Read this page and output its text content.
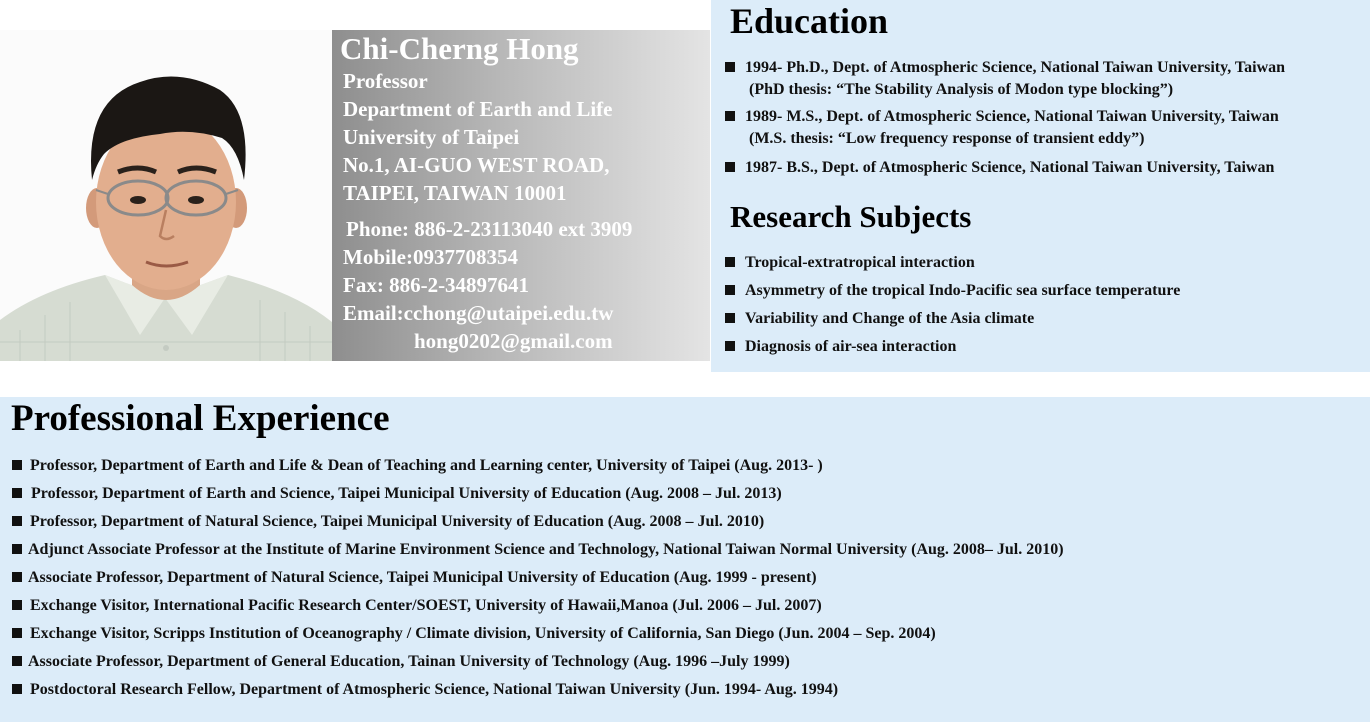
Chi-Cherng Hong
Professor
Department of Earth and Life
University of Taipei
No.1, AI-GUO WEST ROAD,
TAIPEI, TAIWAN 10001
Phone: 886-2-23113040 ext 3909
Mobile:0937708354
Fax: 886-2-34897641
Email:cchong@utaipei.edu.tw
hong0202@gmail.com
Education
1994- Ph.D., Dept. of Atmospheric Science, National Taiwan University, Taiwan
(PhD thesis: “The Stability Analysis of Modon type blocking”)
1989- M.S., Dept. of Atmospheric Science, National Taiwan University, Taiwan
(M.S. thesis: “Low frequency response of transient eddy”)
1987- B.S., Dept. of Atmospheric Science, National Taiwan University, Taiwan
Research Subjects
Tropical-extratropical interaction
Asymmetry of the tropical Indo-Pacific sea surface temperature
Variability and Change of the Asia climate
Diagnosis of air-sea interaction
Professional Experience
Professor, Department of Earth and Life & Dean of Teaching and Learning center, University of Taipei (Aug. 2013- )
Professor, Department of Earth and Science, Taipei Municipal University of Education (Aug. 2008 – Jul. 2013)
Professor, Department of Natural Science, Taipei Municipal University of Education (Aug. 2008 – Jul. 2010)
Adjunct Associate Professor at the Institute of Marine Environment Science and Technology, National Taiwan Normal University (Aug. 2008– Jul. 2010)
Associate Professor, Department of Natural Science, Taipei Municipal University of Education (Aug. 1999 - present)
Exchange Visitor, International Pacific Research Center/SOEST, University of Hawaii,Manoa (Jul. 2006 – Jul. 2007)
Exchange Visitor, Scripps Institution of Oceanography / Climate division, University of California, San Diego (Jun. 2004 – Sep. 2004)
Associate Professor, Department of General Education, Tainan University of Technology (Aug. 1996 –July 1999)
Postdoctoral Research Fellow, Department of Atmospheric Science, National Taiwan University (Jun. 1994- Aug. 1994)
